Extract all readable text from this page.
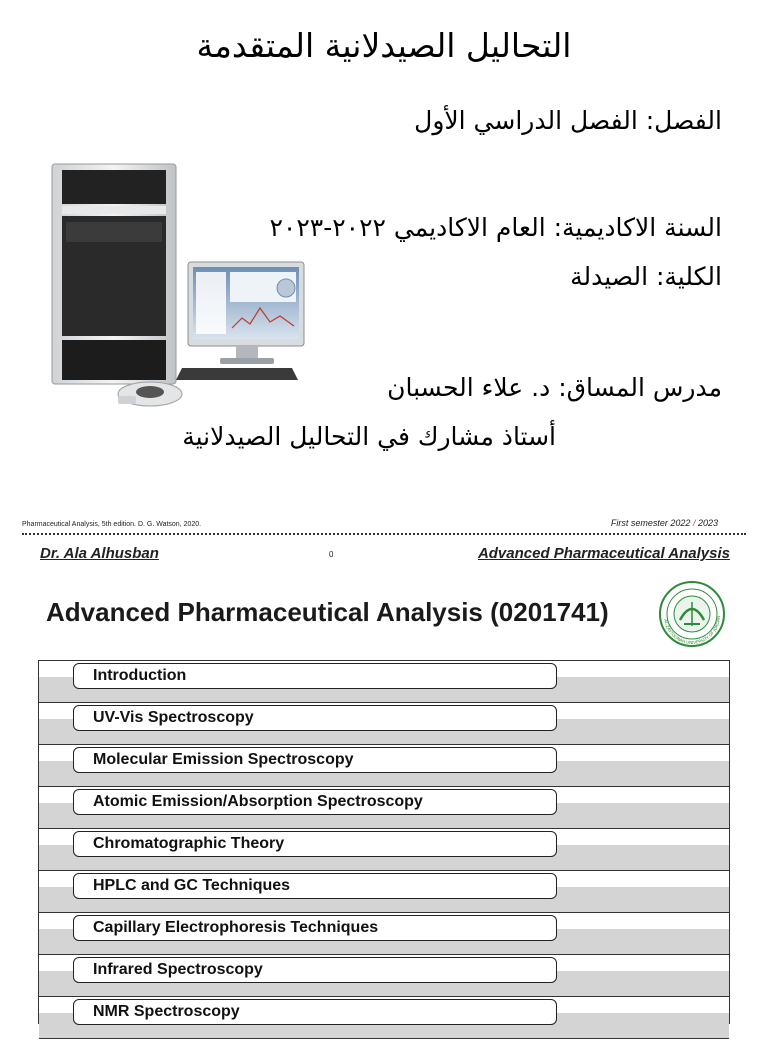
التحاليل الصيدلانية المتقدمة
الفصل: الفصل الدراسي الأول
السنة الاكاديمية: العام الاكاديمي ٢٠٢٢-٢٠٢٣
الكلية: الصيدلة
مدرس المساق: د. علاء الحسبان
أستاذ مشارك في التحاليل الصيدلانية
Pharmaceutical Analysis, 5th edition. D. G. Watson, 2020.	First semester 2022 / 2023
Dr. Ala Alhusban	0	Advanced Pharmaceutical Analysis
Advanced Pharmaceutical Analysis (0201741)	AL-ZAYTOONAH UNIVERSITY OF JORDAN
Introduction
UV-Vis Spectroscopy
Molecular Emission Spectroscopy
Atomic Emission/Absorption Spectroscopy
Chromatographic Theory
HPLC and GC Techniques
Capillary Electrophoresis Techniques
Infrared Spectroscopy
NMR Spectroscopy
